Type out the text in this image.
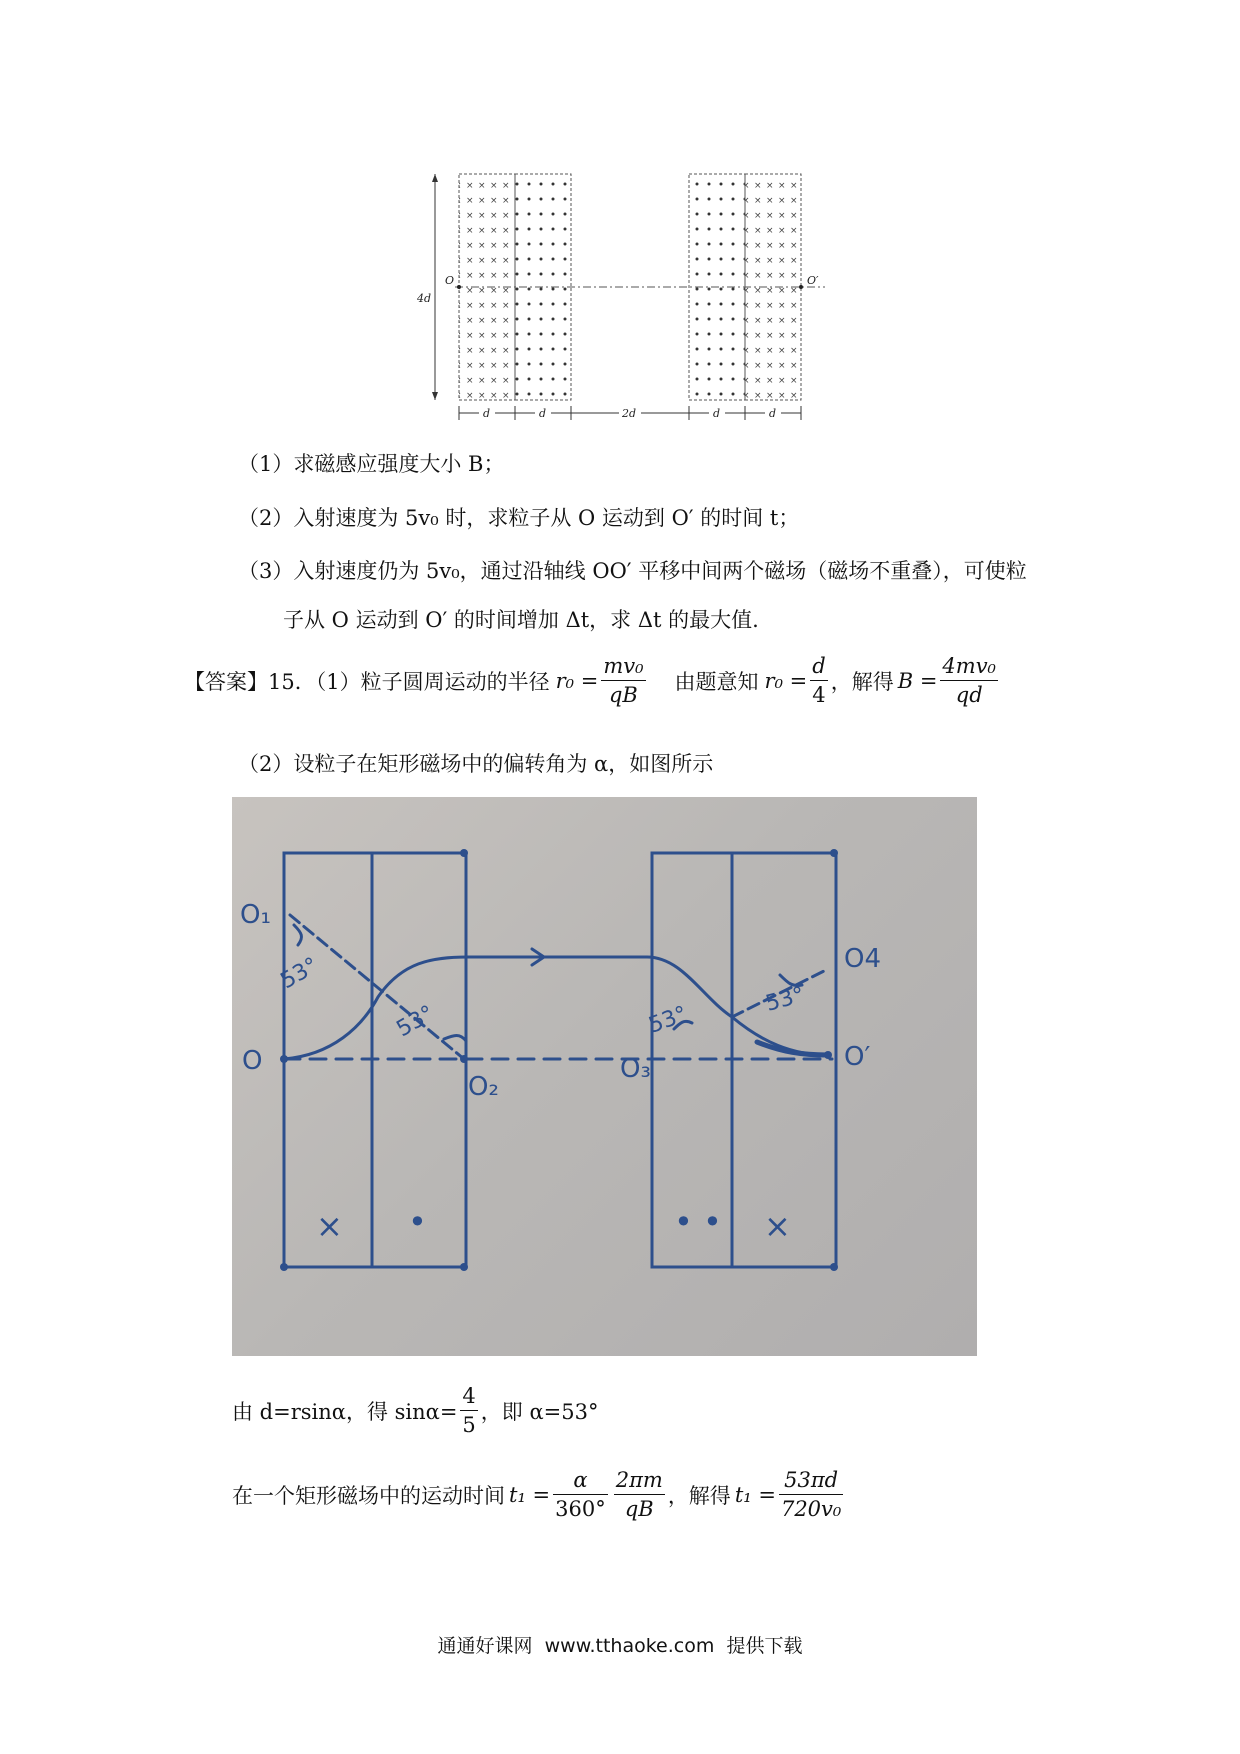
O	O′
4d
d	d	2d	d	d
（1）求磁感应强度大小 B；
（2）入射速度为 5v₀ 时，求粒子从 O 运动到 O′ 的时间 t；
（3）入射速度仍为 5v₀，通过沿轴线 OO′ 平移中间两个磁场（磁场不重叠），可使粒
子从 O 运动到 O′ 的时间增加 Δt，求 Δt 的最大值.
【答案】15．（1）粒子圆周运动的半径 $r_0 = \frac{\text{mv₀}}{qB}$ 由题意知 $r_0 = \frac{d}{4}$ ，解得 $B = \frac{\text{4mv₀}}{qd}$
（2）设粒子在矩形磁场中的偏转角为 α，如图所示
O₁
O
O₂
O₃
O4
O′
53°
53°	53°
53°
× •	• • ×
由 d=rsinα，得 $\sin\alpha= \frac{4}{5}$ ，即 α=53°
在一个矩形磁场中的运动时间 $t_1 = \frac{\alpha}{360^\circ} \frac{2\pi m}{qB}$ ，解得 $t_1 = \frac{53\pi d}{\text{720v₀}}$
通通好课网  www.tthaoke.com  提供下载
